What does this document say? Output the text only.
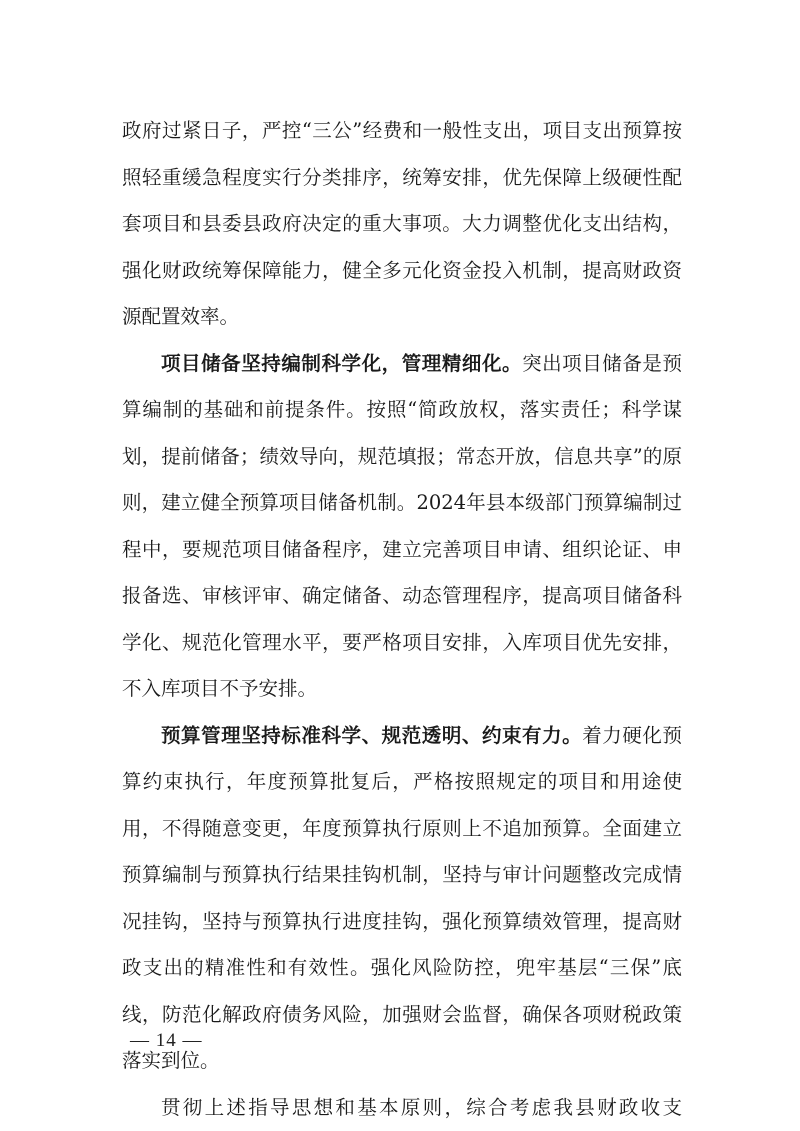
政府过紧日子，严控“三公”经费和一般性支出，项目支出预算按照轻重缓急程度实行分类排序，统筹安排，优先保障上级硬性配套项目和县委县政府决定的重大事项。大力调整优化支出结构，强化财政统筹保障能力，健全多元化资金投入机制，提高财政资源配置效率。

项目储备坚持编制科学化，管理精细化。突出项目储备是预算编制的基础和前提条件。按照“简政放权，落实责任；科学谋划，提前储备；绩效导向，规范填报；常态开放，信息共享”的原则，建立健全预算项目储备机制。2024年县本级部门预算编制过程中，要规范项目储备程序，建立完善项目申请、组织论证、申报备选、审核评审、确定储备、动态管理程序，提高项目储备科学化、规范化管理水平，要严格项目安排，入库项目优先安排，不入库项目不予安排。

预算管理坚持标准科学、规范透明、约束有力。着力硬化预算约束执行，年度预算批复后，严格按照规定的项目和用途使用，不得随意变更，年度预算执行原则上不追加预算。全面建立预算编制与预算执行结果挂钩机制，坚持与审计问题整改完成情况挂钩，坚持与预算执行进度挂钩，强化预算绩效管理，提高财政支出的精准性和有效性。强化风险防控，兜牢基层“三保”底线，防范化解政府债务风险，加强财会监督，确保各项财税政策落实到位。

贯彻上述指导思想和基本原则，综合考虑我县财政收支

— 14 —
